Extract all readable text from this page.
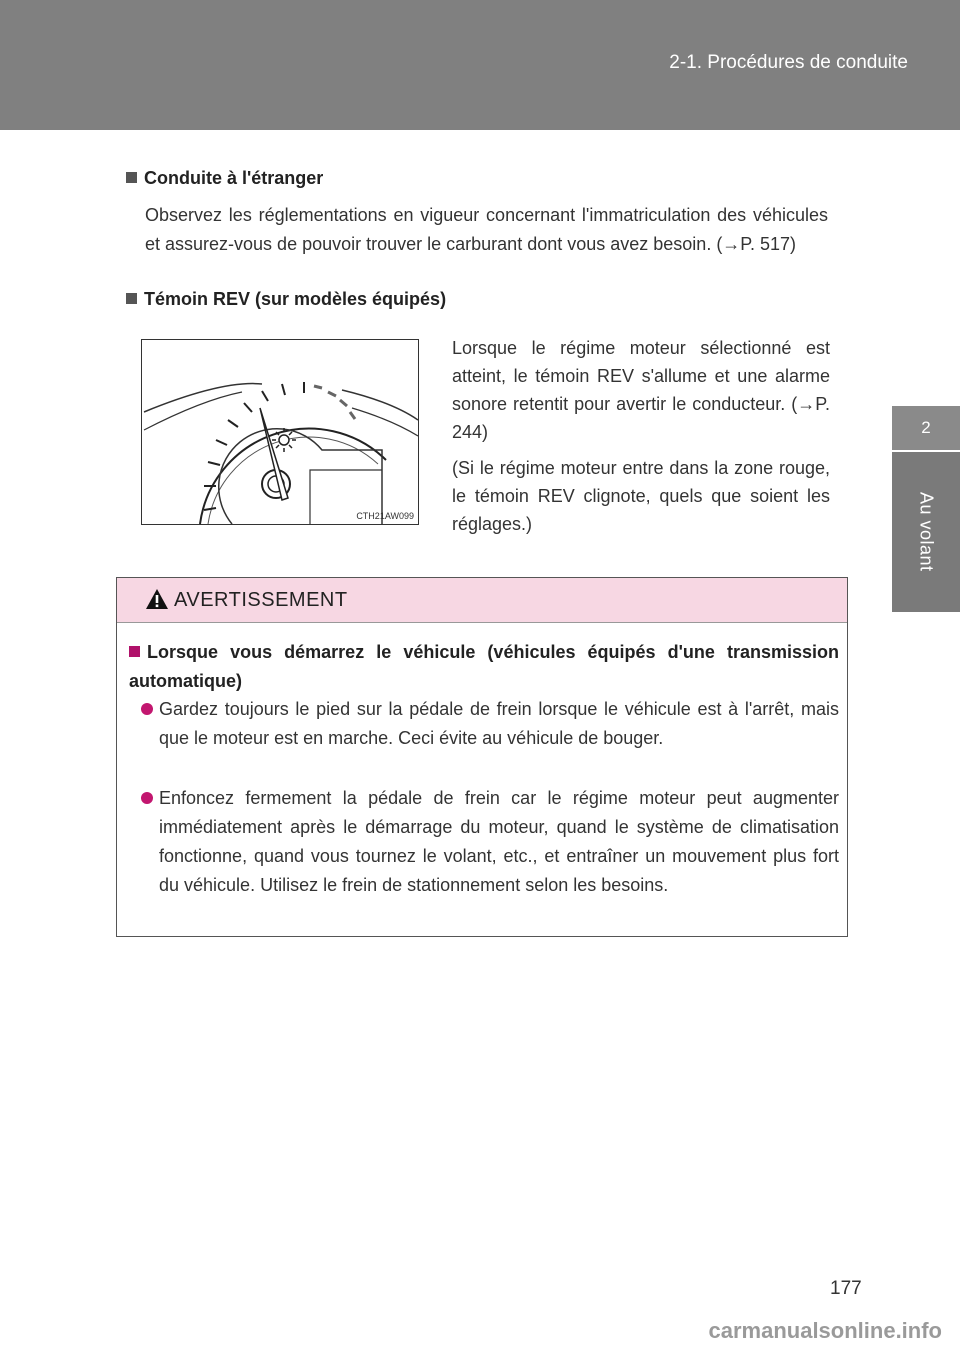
2-1. Procédures de conduite
2
Au volant
Conduite à l'étranger

Observez les réglementations en vigueur concernant l'immatriculation des véhicules et assurez-vous de pouvoir trouver le carburant dont vous avez besoin. (→P. 517)

Témoin REV (sur modèles équipés)
CTH21AW099

Lorsque le régime moteur sélectionné est atteint, le témoin REV s'allume et une alarme sonore retentit pour avertir le conducteur. (→P. 244)

(Si le régime moteur entre dans la zone rouge, le témoin REV clignote, quels que soient les réglages.)

AVERTISSEMENT
Lorsque vous démarrez le véhicule (véhicules équipés d'une transmission automatique)
Gardez toujours le pied sur la pédale de frein lorsque le véhicule est à l'arrêt, mais que le moteur est en marche. Ceci évite au véhicule de bouger.
Enfoncez fermement la pédale de frein car le régime moteur peut augmenter immédiatement après le démarrage du moteur, quand le système de climatisation fonctionne, quand vous tournez le volant, etc., et entraîner un mouvement plus fort du véhicule. Utilisez le frein de stationnement selon les besoins.
177
carmanualsonline.info
